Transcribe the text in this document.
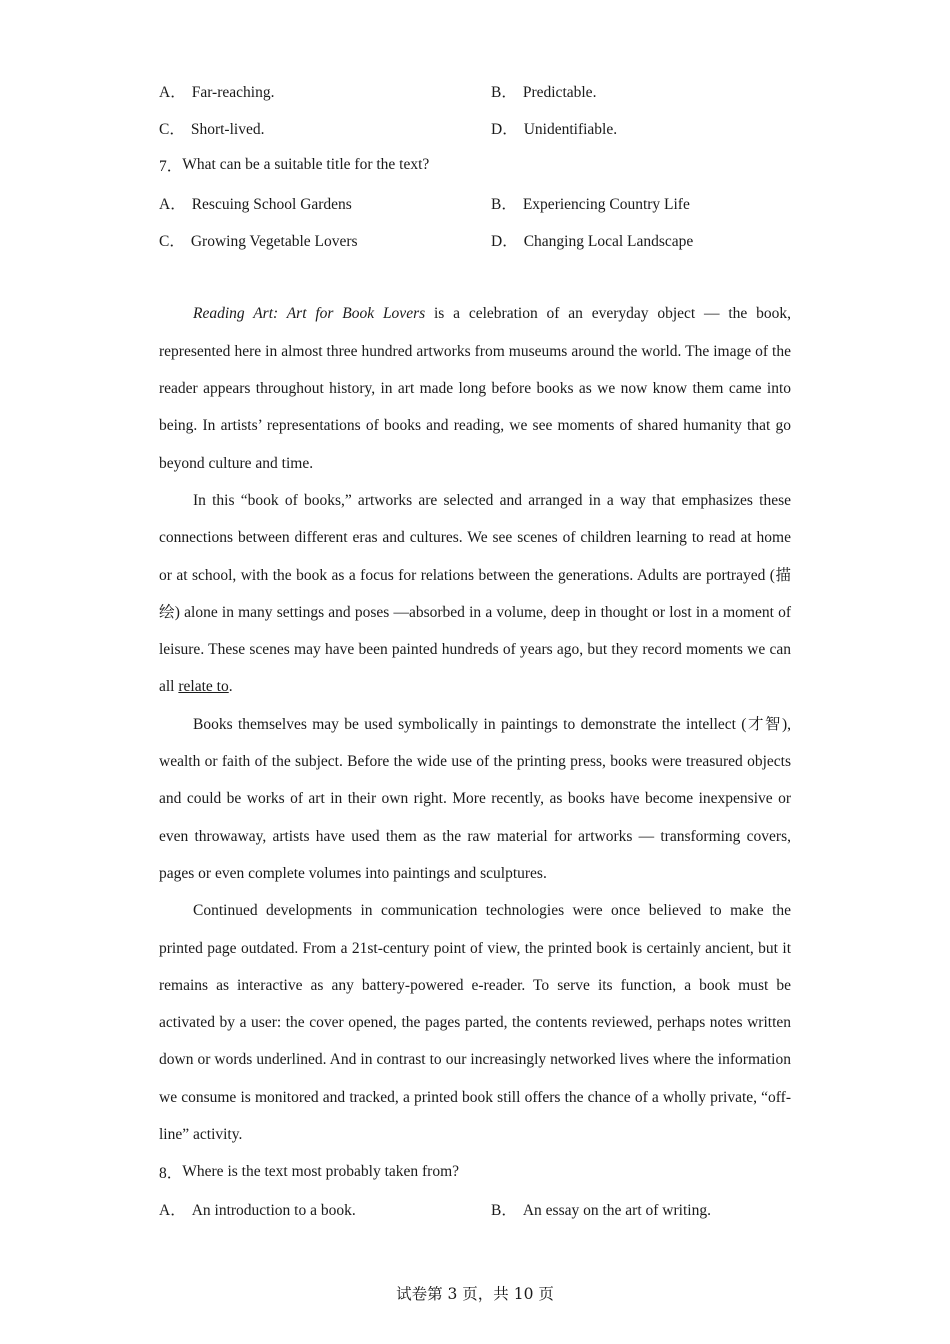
A． Far-reaching.	B． Predictable.
C． Short-lived.	D． Unidentifiable.
7． What can be a suitable title for the text?
A． Rescuing School Gardens	B． Experiencing Country Life
C． Growing Vegetable Lovers	D． Changing Local Landscape

Reading Art: Art for Book Lovers is a celebration of an everyday object — the book, represented here in almost three hundred artworks from museums around the world. The image of the reader appears throughout history, in art made long before books as we now know them came into being. In artists’ representations of books and reading, we see moments of shared humanity that go beyond culture and time.

In this “book of books,” artworks are selected and arranged in a way that emphasizes these connections between different eras and cultures. We see scenes of children learning to read at home or at school, with the book as a focus for relations between the generations. Adults are portrayed (描绘) alone in many settings and poses —absorbed in a volume, deep in thought or lost in a moment of leisure. These scenes may have been painted hundreds of years ago, but they record moments we can all relate to.

Books themselves may be used symbolically in paintings to demonstrate the intellect (才智), wealth or faith of the subject. Before the wide use of the printing press, books were treasured objects and could be works of art in their own right. More recently, as books have become inexpensive or even throwaway, artists have used them as the raw material for artworks — transforming covers, pages or even complete volumes into paintings and sculptures.

Continued developments in communication technologies were once believed to make the printed page outdated. From a 21st-century point of view, the printed book is certainly ancient, but it remains as interactive as any battery-powered e-reader. To serve its function, a book must be activated by a user: the cover opened, the pages parted, the contents reviewed, perhaps notes written down or words underlined. And in contrast to our increasingly networked lives where the information we consume is monitored and tracked, a printed book still offers the chance of a wholly private, “off-line” activity.

8． Where is the text most probably taken from?
A． An introduction to a book.	B． An essay on the art of writing.
试卷第 3 页，共 10 页
